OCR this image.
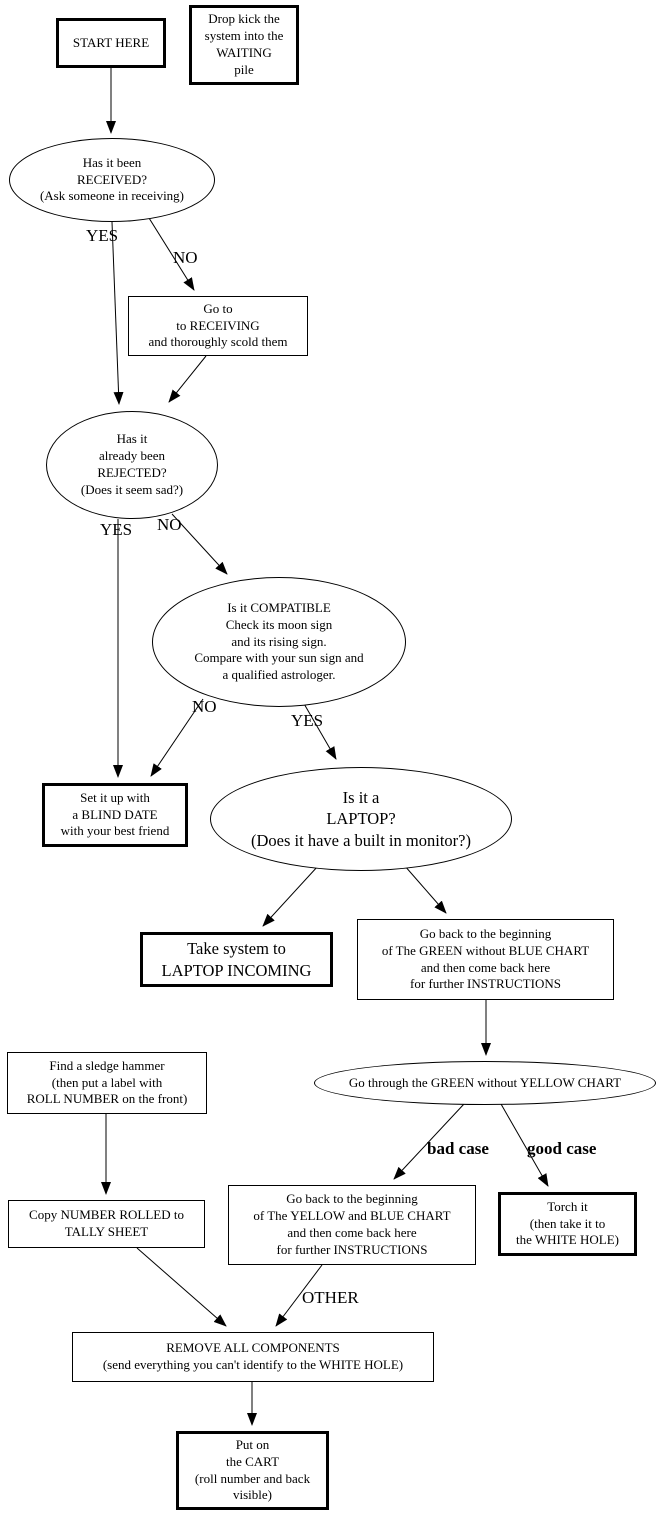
START HERE
Drop kick the
system into the
WAITING
pile
Has it been
RECEIVED?
(Ask someone in receiving)
Go to
to RECEIVING
and thoroughly scold them
Has it
already been
REJECTED?
(Does it seem sad?)
Is it COMPATIBLE
Check its moon sign
and its rising sign.
Compare with your sun sign and
a qualified astrologer.
Set it up with
a BLIND DATE
with your best friend
Is it a
LAPTOP?
(Does it have a built in monitor?)
Take system to
LAPTOP INCOMING
Go back to the beginning
of The GREEN without BLUE CHART
and then come back here
for further INSTRUCTIONS
Find a sledge hammer
(then put a label with
ROLL NUMBER on the front)
Go through the GREEN without YELLOW CHART
Copy NUMBER ROLLED to
TALLY SHEET
Go back to the beginning
of The YELLOW and BLUE CHART
and then come back here
for further INSTRUCTIONS
Torch it
(then take it to
the WHITE HOLE)
REMOVE ALL COMPONENTS
(send everything you can't identify to the WHITE HOLE)
Put on
the CART
(roll number and back
visible)
YES
NO
YES NO
NO
YES
bad case good case
OTHER
